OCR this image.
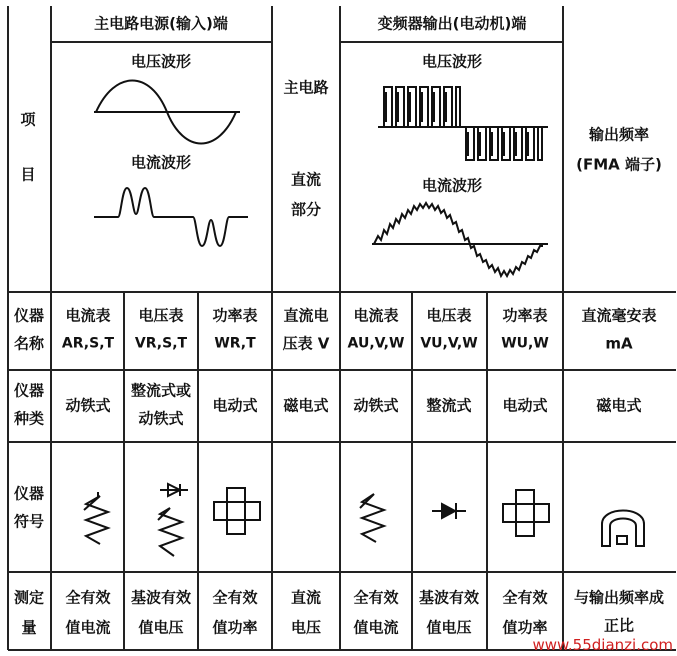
主电路电源(输入)端	变频器输出(电动机)端
项
目
主电路
直流
部分
输出频率
(FMA 端子)
电压波形
电流波形
电压波形
电流波形
仪器
名称
仪器
种类
仪器
符号
测定
量
电流表
AR,S,T
电压表
VR,S,T
功率表
WR,T
直流电
压表 V
电流表
AU,V,W
电压表
VU,V,W
功率表
WU,W
直流毫安表
mA
动铁式
整流式或
动铁式
电动式 磁电式 动铁式 整流式 电动式	磁电式
全有效
值电流
基波有效
值电压
全有效
值功率
直流
电压
全有效
值电流
基波有效
值电压
全有效
值功率
与输出频率成
正比
www.55dianzi.com
